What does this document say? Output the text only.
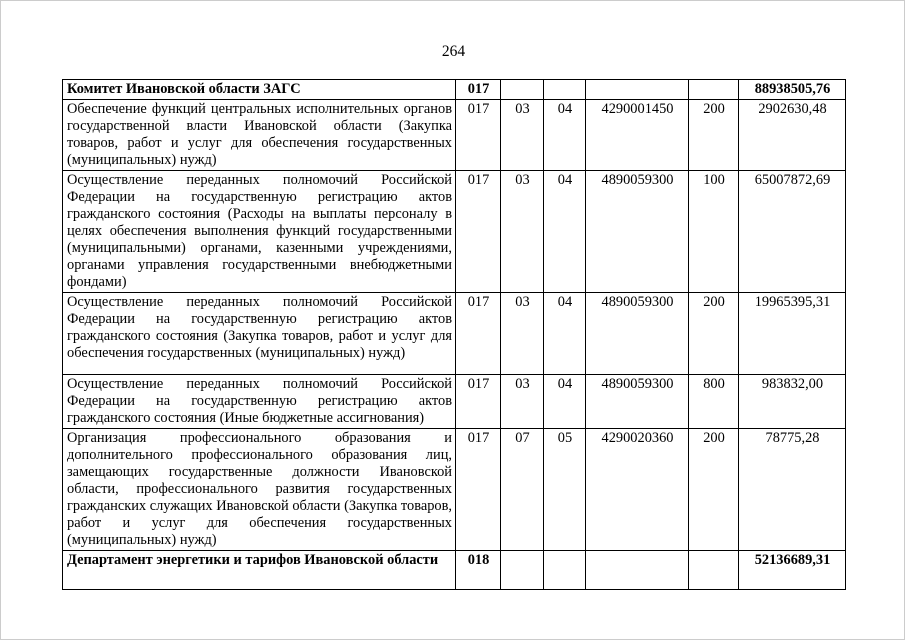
264
Комитет Ивановской области ЗАГС	017					88938505,76
Обеспечение функций центральных исполнительных органов государственной власти Ивановской области (Закупка товаров, работ и услуг для обеспечения государственных (муниципальных) нужд)	017	03	04	4290001450	200	2902630,48
Осуществление переданных полномочий Российской Федерации на государственную регистрацию актов гражданского состояния (Расходы на выплаты персоналу в целях обеспечения выполнения функций государственными (муниципальными) органами, казенными учреждениями, органами управления государственными внебюджетными фондами)	017	03	04	4890059300	100	65007872,69
Осуществление переданных полномочий Российской Федерации на государственную регистрацию актов гражданского состояния (Закупка товаров, работ и услуг для обеспечения государственных (муниципальных) нужд)	017	03	04	4890059300	200	19965395,31
Осуществление переданных полномочий Российской Федерации на государственную регистрацию актов гражданского состояния (Иные бюджетные ассигнования)	017	03	04	4890059300	800	983832,00
Организация профессионального образования и дополнительного профессионального образования лиц, замещающих государственные должности Ивановской области, профессионального развития государственных гражданских служащих Ивановской области (Закупка товаров, работ и услуг для обеспечения государственных (муниципальных) нужд)	017	07	05	4290020360	200	78775,28
Департамент энергетики и тарифов Ивановской области	018					52136689,31
